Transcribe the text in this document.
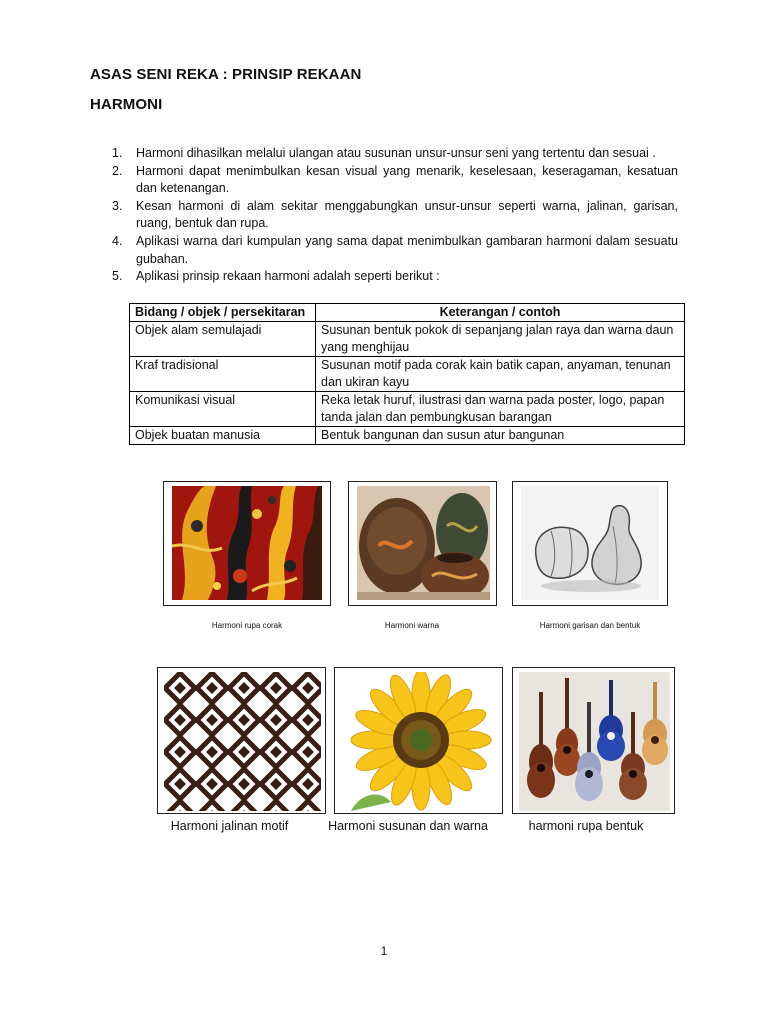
ASAS SENI REKA : PRINSIP REKAAN
HARMONI
1. Harmoni dihasilkan melalui ulangan atau susunan unsur-unsur seni yang tertentu dan sesuai .
2. Harmoni dapat menimbulkan kesan visual yang menarik, keselesaan, keseragaman, kesatuan dan ketenangan.
3. Kesan harmoni di alam sekitar menggabungkan unsur-unsur seperti warna, jalinan, garisan, ruang, bentuk dan rupa.
4. Aplikasi warna dari kumpulan yang sama dapat menimbulkan gambaran harmoni dalam sesuatu gubahan.
5. Aplikasi prinsip rekaan harmoni adalah seperti berikut :
Bidang / objek / persekitaran	Keterangan / contoh
Objek alam semulajadi	Susunan bentuk pokok di sepanjang jalan raya dan warna daun yang menghijau
Kraf tradisional	Susunan motif pada corak kain batik capan, anyaman, tenunan dan ukiran kayu
Komunikasi visual	Reka letak huruf, ilustrasi dan warna pada poster, logo, papan tanda jalan dan pembungkusan barangan
Objek buatan manusia	Bentuk bangunan dan susun atur bangunan
Harmoni rupa corak	Harmoni warna	Harmoni garisan dan bentuk
Harmoni jalinan motif	Harmoni susunan dan warna	harmoni rupa bentuk
1
